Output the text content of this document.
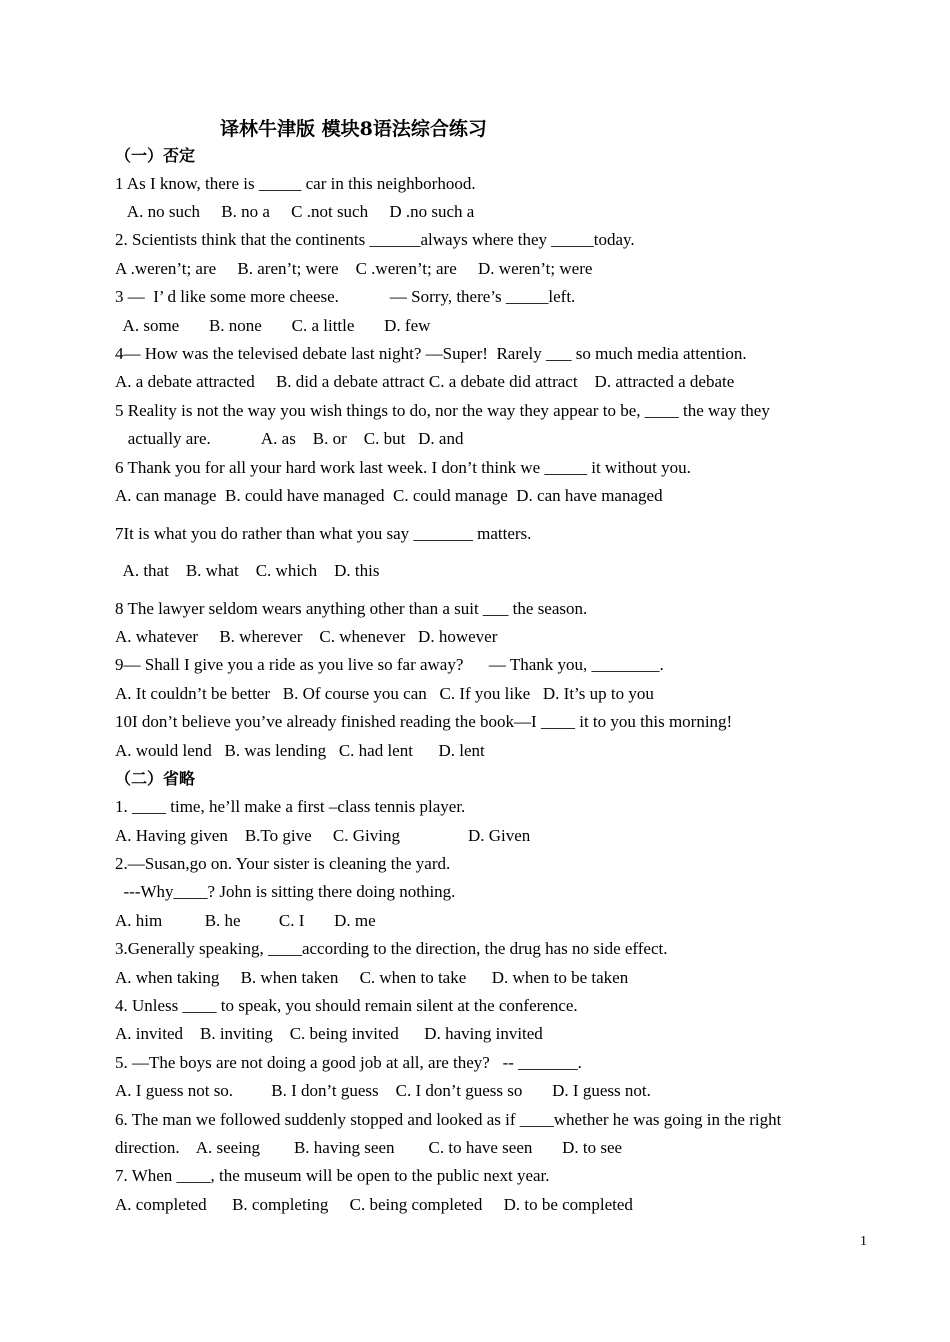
译林牛津版 模块8语法综合练习
（一）否定
1 As I know, there is _____ car in this neighborhood.
A. no such     B. no a     C .not such     D .no such a
2. Scientists think that the continents ______always where they _____today.
A .weren’t; are     B. aren’t; were    C .weren’t; are     D. weren’t; were
3 —  I’ d like some more cheese.            — Sorry, there’s _____left.
A. some       B. none       C. a little       D. few
4— How was the televised debate last night? —Super!  Rarely ___ so much media attention.
A. a debate attracted     B. did a debate attract C. a debate did attract    D. attracted a debate
5 Reality is not the way you wish things to do, nor the way they appear to be, ____ the way they
actually are.            A. as    B. or    C. but   D. and
6 Thank you for all your hard work last week. I don’t think we _____ it without you.
A. can manage  B. could have managed  C. could manage  D. can have managed
7It is what you do rather than what you say _______ matters.
A. that    B. what    C. which    D. this
8 The lawyer seldom wears anything other than a suit ___ the season.
A. whatever     B. wherever    C. whenever   D. however
9— Shall I give you a ride as you live so far away?      — Thank you, ________.
A. It couldn’t be better   B. Of course you can   C. If you like   D. It’s up to you
10I don’t believe you’ve already finished reading the book—I ____ it to you this morning!
A. would lend   B. was lending   C. had lent      D. lent
（二）省略
1. ____ time, he’ll make a first –class tennis player.
A. Having given    B.To give     C. Giving                D. Given
2.—Susan,go on. Your sister is cleaning the yard.
---Why____? John is sitting there doing nothing.
A. him          B. he         C. I       D. me
3.Generally speaking, ____according to the direction, the drug has no side effect.
A. when taking     B. when taken     C. when to take      D. when to be taken
4. Unless ____ to speak, you should remain silent at the conference.
A. invited    B. inviting    C. being invited      D. having invited
5. —The boys are not doing a good job at all, are they?   -- _______.
A. I guess not so.         B. I don’t guess    C. I don’t guess so       D. I guess not.
6. The man we followed suddenly stopped and looked as if ____whether he was going in the right
direction.    A. seeing        B. having seen        C. to have seen       D. to see
7. When ____, the museum will be open to the public next year.
A. completed      B. completing     C. being completed     D. to be completed
1
